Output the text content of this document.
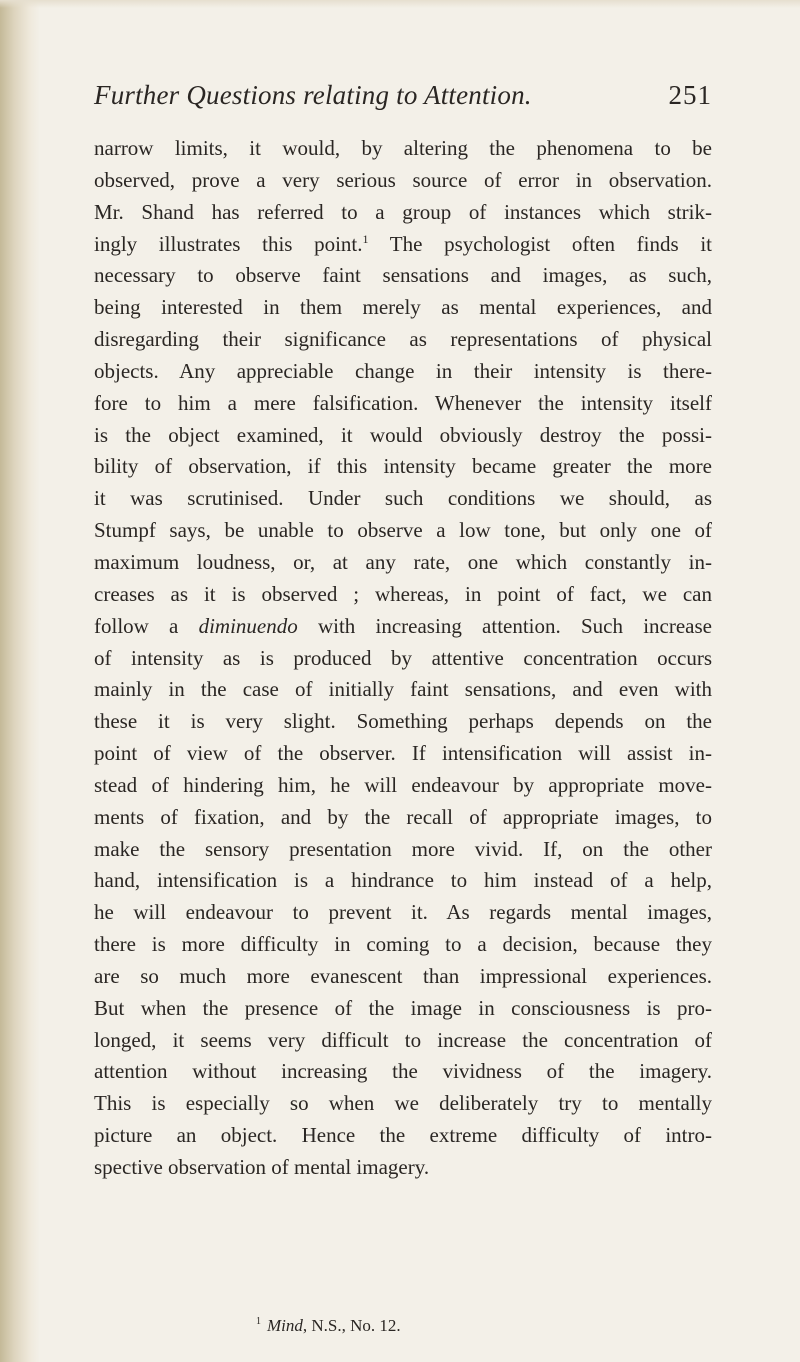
Further Questions relating to Attention.	251
narrow limits, it would, by altering the phenomena to be
observed, prove a very serious source of error in observation.
Mr. Shand has referred to a group of instances which strik-
ingly illustrates this point.$^1$ The psychologist often finds it
necessary to observe faint sensations and images, as such,
being interested in them merely as mental experiences, and
disregarding their significance as representations of physical
objects. Any appreciable change in their intensity is there-
fore to him a mere falsification. Whenever the intensity itself
is the object examined, it would obviously destroy the possi-
bility of observation, if this intensity became greater the more
it was scrutinised. Under such conditions we should, as
Stumpf says, be unable to observe a low tone, but only one of
maximum loudness, or, at any rate, one which constantly in-
creases as it is observed ; whereas, in point of fact, we can
follow a diminuendo with increasing attention. Such increase
of intensity as is produced by attentive concentration occurs
mainly in the case of initially faint sensations, and even with
these it is very slight. Something perhaps depends on the
point of view of the observer. If intensification will assist in-
stead of hindering him, he will endeavour by appropriate move-
ments of fixation, and by the recall of appropriate images, to
make the sensory presentation more vivid. If, on the other
hand, intensification is a hindrance to him instead of a help,
he will endeavour to prevent it. As regards mental images,
there is more difficulty in coming to a decision, because they
are so much more evanescent than impressional experiences.
But when the presence of the image in consciousness is pro-
longed, it seems very difficult to increase the concentration of
attention without increasing the vividness of the imagery.
This is especially so when we deliberately try to mentally
picture an object. Hence the extreme difficulty of intro-
spective observation of mental imagery.
$^1$ Mind, N.S., No. 12.
